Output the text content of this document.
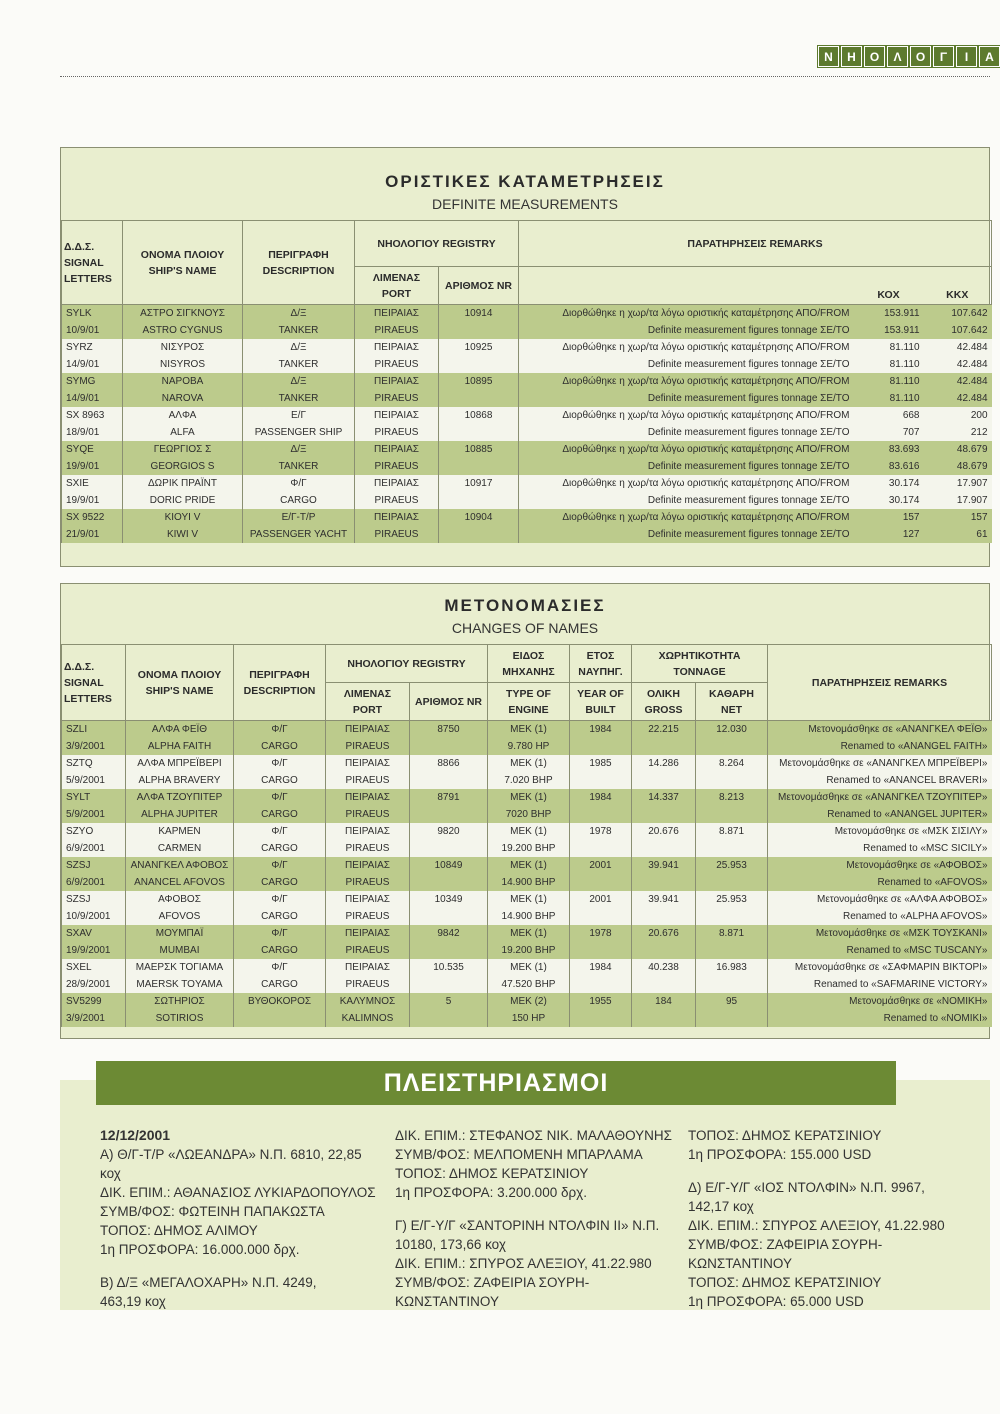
Ν	Η	Ο	Λ	Ο	Γ	Ι	Α
ΟΡΙΣΤΙΚΕΣ ΚΑΤΑΜΕΤΡΗΣΕΙΣ
DEFINITE MEASUREMENTS
Δ.Δ.Σ. SIGNAL LETTERS	ΟΝΟΜΑ ΠΛΟΙΟΥ SHIP'S NAME	ΠΕΡΙΓΡΑΦΗ DESCRIPTION	ΝΗΟΛΟΓΙΟΥ REGISTRY		ΠΑΡΑΤΗΡΗΣΕΙΣ REMARKS		
			ΛΙΜΕΝΑΣ PORT	ΑΡΙΘΜΟΣ NR		ΚΟΧ	ΚΚΧ
SYLK	ΑΣΤΡΟ ΣΙΓΚΝΟΥΣ	Δ/Ξ	ΠΕΙΡΑΙΑΣ	10914	Διορθώθηκε η χωρ/τα λόγω οριστικής καταμέτρησης ΑΠΟ/FROM	153.911	107.642
10/9/01	ASTRO CYGNUS	TANKER	PIRAEUS		Definite measurement figures tonnage ΣΕ/TO	153.911	107.642
SYRZ	ΝΙΣΥΡΟΣ	Δ/Ξ	ΠΕΙΡΑΙΑΣ	10925	Διορθώθηκε η χωρ/τα λόγω οριστικής καταμέτρησης ΑΠΟ/FROM	81.110	42.484
14/9/01	NISYROS	TANKER	PIRAEUS		Definite measurement figures tonnage ΣΕ/TO	81.110	42.484
SYMG	ΝΑΡΟΒΑ	Δ/Ξ	ΠΕΙΡΑΙΑΣ	10895	Διορθώθηκε η χωρ/τα λόγω οριστικής καταμέτρησης ΑΠΟ/FROM	81.110	42.484
14/9/01	NAROVA	TANKER	PIRAEUS		Definite measurement figures tonnage ΣΕ/TO	81.110	42.484
SX 8963	ΑΛΦΑ	Ε/Γ	ΠΕΙΡΑΙΑΣ	10868	Διορθώθηκε η χωρ/τα λόγω οριστικής καταμέτρησης ΑΠΟ/FROM	668	200
18/9/01	ALFA	PASSENGER SHIP	PIRAEUS		Definite measurement figures tonnage ΣΕ/TO	707	212
SYQE	ΓΕΩΡΓΙΟΣ Σ	Δ/Ξ	ΠΕΙΡΑΙΑΣ	10885	Διορθώθηκε η χωρ/τα λόγω οριστικής καταμέτρησης ΑΠΟ/FROM	83.693	48.679
19/9/01	GEORGIOS S	TANKER	PIRAEUS		Definite measurement figures tonnage ΣΕ/TO	83.616	48.679
SXIE	ΔΩΡΙΚ ΠΡΑΪΝΤ	Φ/Γ	ΠΕΙΡΑΙΑΣ	10917	Διορθώθηκε η χωρ/τα λόγω οριστικής καταμέτρησης ΑΠΟ/FROM	30.174	17.907
19/9/01	DORIC PRIDE	CARGO	PIRAEUS		Definite measurement figures tonnage ΣΕ/TO	30.174	17.907
SX 9522	ΚΙΟΥΙ V	Ε/Γ-Τ/Ρ	ΠΕΙΡΑΙΑΣ	10904	Διορθώθηκε η χωρ/τα λόγω οριστικής καταμέτρησης ΑΠΟ/FROM	157	157
21/9/01	KIWI V	PASSENGER YACHT	PIRAEUS		Definite measurement figures tonnage ΣΕ/TO	127	61
ΜΕΤΟΝΟΜΑΣΙΕΣ
CHANGES OF NAMES
Δ.Δ.Σ. SIGNAL LETTERS	ΟΝΟΜΑ ΠΛΟΙΟΥ SHIP'S NAME	ΠΕΡΙΓΡΑΦΗ DESCRIPTION	ΝΗΟΛΟΓΙΟΥ REGISTRY		ΕΙΔΟΣ ΜΗΧΑΝΗΣ	ΕΤΟΣ ΝΑΥΠΗΓ.	ΧΩΡΗΤΙΚΟΤΗΤΑ TONNAGE		ΠΑΡΑΤΗΡΗΣΕΙΣ REMARKS
			ΛΙΜΕΝΑΣ PORT	ΑΡΙΘΜΟΣ NR	TYPE OF ENGINE	YEAR OF BUILT	ΟΛΙΚΗ GROSS	ΚΑΘΑΡΗ NET	
SZLI	ΑΛΦΑ ΦΕΪΘ	Φ/Γ	ΠΕΙΡΑΙΑΣ	8750	ΜΕΚ (1)	1984	22.215	12.030	Μετονομάσθηκε σε «ΑΝΑΝΓΚΕΛ ΦΕΪΘ»
3/9/2001	ALPHA FAITH	CARGO	PIRAEUS		9.780 HP				Renamed to «ANANGEL FAITH»
SZTQ	ΑΛΦΑ ΜΠΡΕΪΒΕΡΙ	Φ/Γ	ΠΕΙΡΑΙΑΣ	8866	ΜΕΚ (1)	1985	14.286	8.264	Μετονομάσθηκε σε «ΑΝΑΝΓΚΕΛ ΜΠΡΕΪΒΕΡΙ»
5/9/2001	ALPHA BRAVERY	CARGO	PIRAEUS		7.020 BHP				Renamed to «ANANCEL BRAVERI»
SYLT	ΑΛΦΑ ΤΖΟΥΠΙΤΕΡ	Φ/Γ	ΠΕΙΡΑΙΑΣ	8791	ΜΕΚ (1)	1984	14.337	8.213	Μετονομάσθηκε σε «ΑΝΑΝΓΚΕΛ ΤΖΟΥΠΙΤΕΡ»
5/9/2001	ALPHA JUPITER	CARGO	PIRAEUS		7020 BHP				Renamed to «ANANGEL JUPITER»
SZYO	ΚΑΡΜΕΝ	Φ/Γ	ΠΕΙΡΑΙΑΣ	9820	ΜΕΚ (1)	1978	20.676	8.871	Μετονομάσθηκε σε «ΜΣΚ ΣΙΣΙΛΥ»
6/9/2001	CARMEN	CARGO	PIRAEUS		19.200 BHP				Renamed to «MSC SICILY»
SZSJ	ΑΝΑΝΓΚΕΛ ΑΦΟΒΟΣ	Φ/Γ	ΠΕΙΡΑΙΑΣ	10849	ΜΕΚ (1)	2001	39.941	25.953	Μετονομάσθηκε σε «ΑΦΟΒΟΣ»
6/9/2001	ANANCEL AFOVOS	CARGO	PIRAEUS		14.900 BHP				Renamed to «AFOVOS»
SZSJ	ΑΦΟΒΟΣ	Φ/Γ	ΠΕΙΡΑΙΑΣ	10349	ΜΕΚ (1)	2001	39.941	25.953	Μετονομάσθηκε σε «ΑΛΦΑ ΑΦΟΒΟΣ»
10/9/2001	AFOVOS	CARGO	PIRAEUS		14.900 BHP				Renamed to «ALPHA AFOVOS»
SXAV	ΜΟΥΜΠΑΪ	Φ/Γ	ΠΕΙΡΑΙΑΣ	9842	ΜΕΚ (1)	1978	20.676	8.871	Μετονομάσθηκε σε «ΜΣΚ ΤΟΥΣΚΑΝΙ»
19/9/2001	MUMBAI	CARGO	PIRAEUS		19.200 BHP				Renamed to «MSC TUSCANY»
SXEL	ΜΑΕΡΣΚ ΤΟΓΙΑΜΑ	Φ/Γ	ΠΕΙΡΑΙΑΣ	10.535	ΜΕΚ (1)	1984	40.238	16.983	Μετονομάσθηκε σε «ΣΑΦΜΑΡΙΝ ΒΙΚΤΟΡΙ»
28/9/2001	MAERSK TOYAMA	CARGO	PIRAEUS		47.520 BHP				Renamed to «SAFMARINE VICTORY»
SV5299	ΣΩΤΗΡΙΟΣ	ΒΥΘΟΚΟΡΟΣ	ΚΑΛΥΜΝΟΣ	5	ΜΕΚ (2)	1955	184	95	Μετονομάσθηκε σε «ΝΟΜΙΚΗ»
3/9/2001	SOTIRIOS		KALIMNOS		150 HP				Renamed to «NOMIKI»
ΠΛΕΙΣΤΗΡΙΑΣΜΟΙ

12/12/2001

Α) Θ/Γ-Τ/Ρ «ΛΩΕΑΝΔΡΑ» Ν.Π. 6810, 22,85 κοχ

ΔΙΚ. ΕΠΙΜ.: ΑΘΑΝΑΣΙΟΣ ΛΥΚΙΑΡΔΟΠΟΥΛΟΣ

ΣΥΜΒ/ΦΟΣ: ΦΩΤΕΙΝΗ ΠΑΠΑΚΩΣΤΑ

ΤΟΠΟΣ: ΔΗΜΟΣ ΑΛΙΜΟΥ

1η ΠΡΟΣΦΟΡΑ: 16.000.000 δρχ.

Β) Δ/Ξ «ΜΕΓΑΛΟΧΑΡΗ» Ν.Π. 4249,

463,19 κοχ

ΔΙΚ. ΕΠΙΜ.: ΣΤΕΦΑΝΟΣ ΝΙΚ. ΜΑΛΑΘΟΥΝΗΣ

ΣΥΜΒ/ΦΟΣ: ΜΕΛΠΟΜΕΝΗ ΜΠΑΡΛΑΜΑ

ΤΟΠΟΣ: ΔΗΜΟΣ ΚΕΡΑΤΣΙΝΙΟΥ

1η ΠΡΟΣΦΟΡΑ: 3.200.000 δρχ.

Γ) Ε/Γ-Υ/Γ «ΣΑΝΤΟΡΙΝΗ ΝΤΟΛΦΙΝ ΙΙ» Ν.Π.

10180, 173,66 κοχ

ΔΙΚ. ΕΠΙΜ.: ΣΠΥΡΟΣ ΑΛΕΞΙΟΥ, 41.22.980

ΣΥΜΒ/ΦΟΣ: ΖΑΦΕΙΡΙΑ ΣΟΥΡΗ-ΚΩΝΣΤΑΝΤΙΝΟΥ

ΤΟΠΟΣ: ΔΗΜΟΣ ΚΕΡΑΤΣΙΝΙΟΥ

1η ΠΡΟΣΦΟΡΑ: 155.000 USD

Δ) Ε/Γ-Υ/Γ «ΙΟΣ ΝΤΟΛΦΙΝ» Ν.Π. 9967,

142,17 κοχ

ΔΙΚ. ΕΠΙΜ.: ΣΠΥΡΟΣ ΑΛΕΞΙΟΥ, 41.22.980

ΣΥΜΒ/ΦΟΣ: ΖΑΦΕΙΡΙΑ ΣΟΥΡΗ-ΚΩΝΣΤΑΝΤΙΝΟΥ

ΤΟΠΟΣ: ΔΗΜΟΣ ΚΕΡΑΤΣΙΝΙΟΥ

1η ΠΡΟΣΦΟΡΑ: 65.000 USD
